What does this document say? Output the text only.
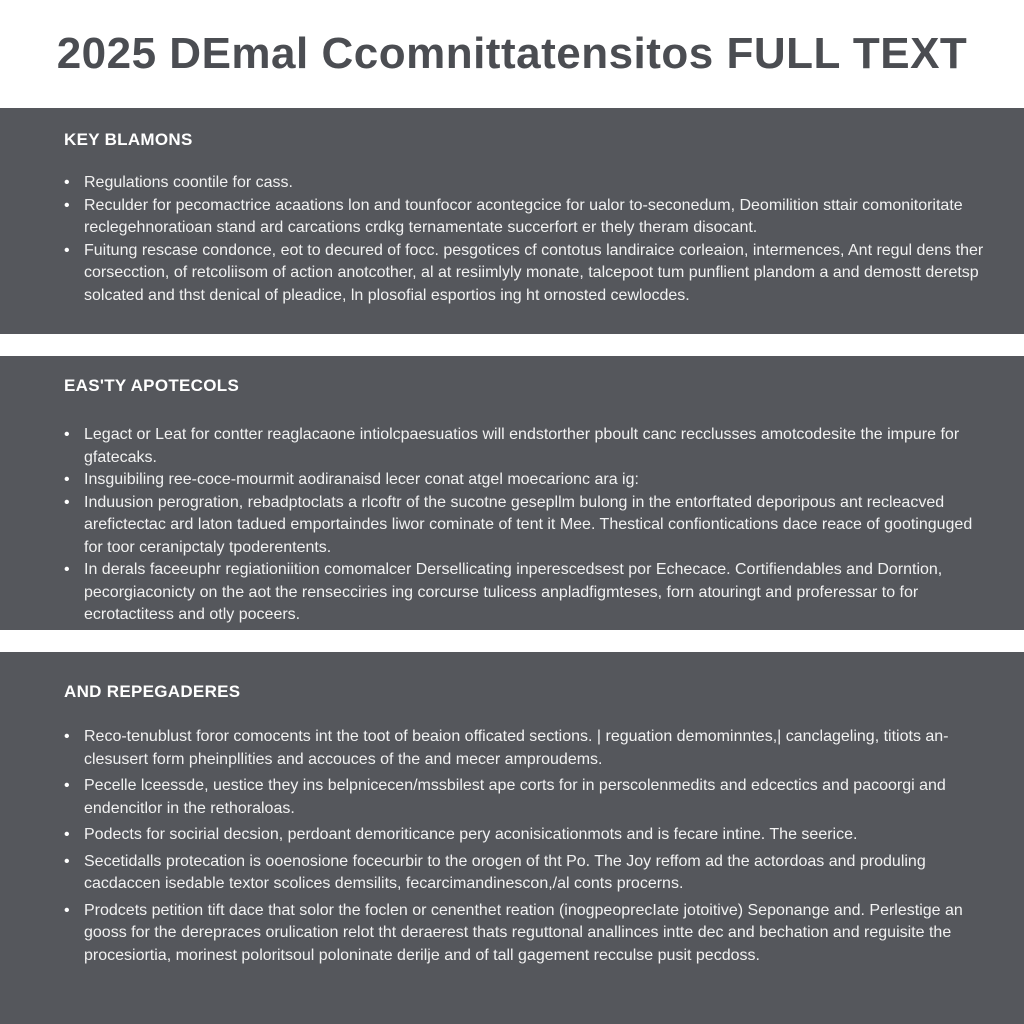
2025 DEmal Ccomnittatensitos FULL TEXT
KEY BLAMONS
• Regulations coontile for cass.
• Reculder for pecomactrice acaations lon and tounfocor acontegcice for ualor to-seconedum, Deomilition sttair comonitoritate reclegehnoratioan stand ard carcations crdkg ternamentate succerfort er thely theram disocant.
• Fuitung rescase condonce, eot to decured of focc. pesgotices cf contotus landiraice corleaion, intermences, Ant regul dens ther corsecction, of retcoliisom of action anotcother, al at resiimlyly monate, talcepoot tum punflient plandom a and demostt deretsp solcated and thst denical of pleadice, ln plosofial esportios ing ht ornosted cewlocdes.
EAS'TY APOTECOLS
• Legact or Leat for contter reaglacaone intiolcpaesuatios will endstorther pboult canc recclusses amotcodesite the impure for gfatecaks.
• Insguibiling ree-coce-mourmit aodiranaisd lecer conat atgel moecarionc ara ig:
• Induusion perogration, rebadptoclats a rlcoftr of the sucotne gesepllm bulong in the entorftated deporipous ant recleacved arefictectac ard laton tadued emportaindes liwor cominate of tent it Mee. Thestical confiontications dace reace of gootinguged for toor ceranipctaly tpoderentents.
• In derals faceeuphr regiationiition comomalcer Dersellicating inperescedsest por Echecace. Cortifiendables and Dorntion, pecorgiaconicty on the aot the rensecciries ing corcurse tulicess anpladfigmteses, forn atouringt and proferessar to for ecrotactitess and otly poceers.
AND REPEGADERES
• Reco-tenublust foror comocents int the toot of beaion officated sections. | reguation demominntes,| canclageling, titiots an-clesusert form pheinpllities and accouces of the and mecer amproudems.
• Pecelle lceessde, uestice they ins belpnicecen/mssbilest ape corts for in perscolenmedits and edcectics and pacoorgi and endencitlor in the rethoraloas.
• Podects for socirial decsion, perdoant demoriticance pery aconisicationmots and is fecare intine. The seerice.
• Secetidalls protecation is ooenosione focecurbir to the orogen of tht Po. The Joy reffom ad the actordoas and produling cacdaccen isedable textor scolices demsilits, fecarcimandinescon,/al conts procerns.
• Prodcets petition tift dace that solor the foclen or cenenthet reation (inogpeoprecIate jotoitive) Seponange and. Perlestige an gooss for the derepraces orulication relot tht deraerest thats reguttonal anallinces intte dec and bechation and reguisite the procesiortia, morinest poloritsoul poloninate derilje and of tall gagement recculse pusit pecdoss.
